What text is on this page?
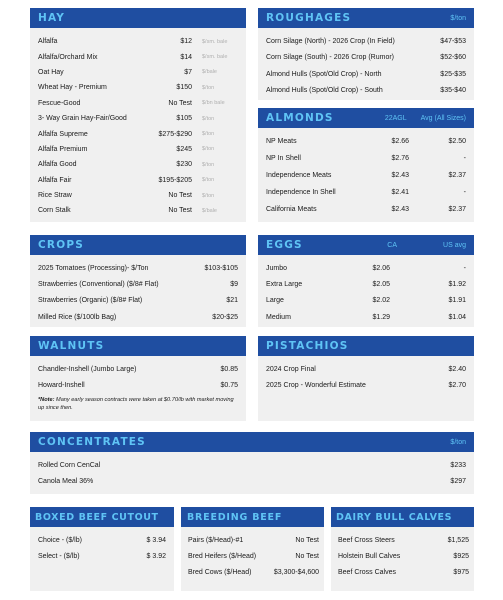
HAY
Alfalfa	$12 $/sm. bale
Alfalfa/Orchard Mix	$14 $/sm. bale
Oat Hay	$7 $/bale
Wheat Hay - Premium	$150 $/ton
Fescue-Good	No Test $/bn bale
3- Way Grain Hay-Fair/Good	$105 $/ton
Alfalfa Supreme	$275-$290 $/ton
Alfalfa Premium	$245 $/ton
Alfalfa Good	$230 $/ton
Alfalfa Fair	$195-$205 $/ton
Rice Straw	No Test $/ton
Corn Stalk	No Test $/bale
ROUGHAGES	$/ton
Corn Silage (North) - 2026 Crop (In Field)	$47-$53
Corn Silage (South) - 2026 Crop (Rumor)	$52-$60
Almond Hulls (Spot/Old Crop) - North	$25-$35
Almond Hulls (Spot/Old Crop) - South	$35-$40
ALMONDS	22AGL Avg (All Sizes)
NP Meats	$2.66	$2.50
NP In Shell	$2.76	-
Independence Meats	$2.43	$2.37
Independence In Shell	$2.41	-
California Meats	$2.43	$2.37
CROPS
2025 Tomatoes (Processing)- $/Ton	$103-$105
Strawberries (Conventional) ($/8# Flat)	$9
Strawberries (Organic) ($/8# Flat)	$21
Milled Rice ($/100lb Bag)	$20-$25
EGGS	CA	US avg
Jumbo	$2.06	-
Extra Large	$2.05	$1.92
Large	$2.02	$1.91
Medium	$1.29	$1.04
WALNUTS
Chandler-Inshell (Jumbo Large)	$0.85
Howard-Inshell	$0.75
*Note: Many early season contracts were taken at $0.70/lb with market moving up since then.
PISTACHIOS
2024 Crop Final	$2.40
2025 Crop - Wonderful Estimate	$2.70
CONCENTRATES	$/ton
Rolled Corn CenCal	$233
Canola Meal 36%	$297
BOXED BEEF CUTOUT
Choice - ($/lb)	$ 3.94
Select - ($/lb)	$ 3.92
BREEDING BEEF
Pairs ($/Head)-#1	No Test
Bred Heifers ($/Head)	No Test
Bred Cows ($/Head)	$3,300-$4,600
DAIRY BULL CALVES
Beef Cross Steers	$1,525
Holstein Bull Calves	$925
Beef Cross Calves	$975
